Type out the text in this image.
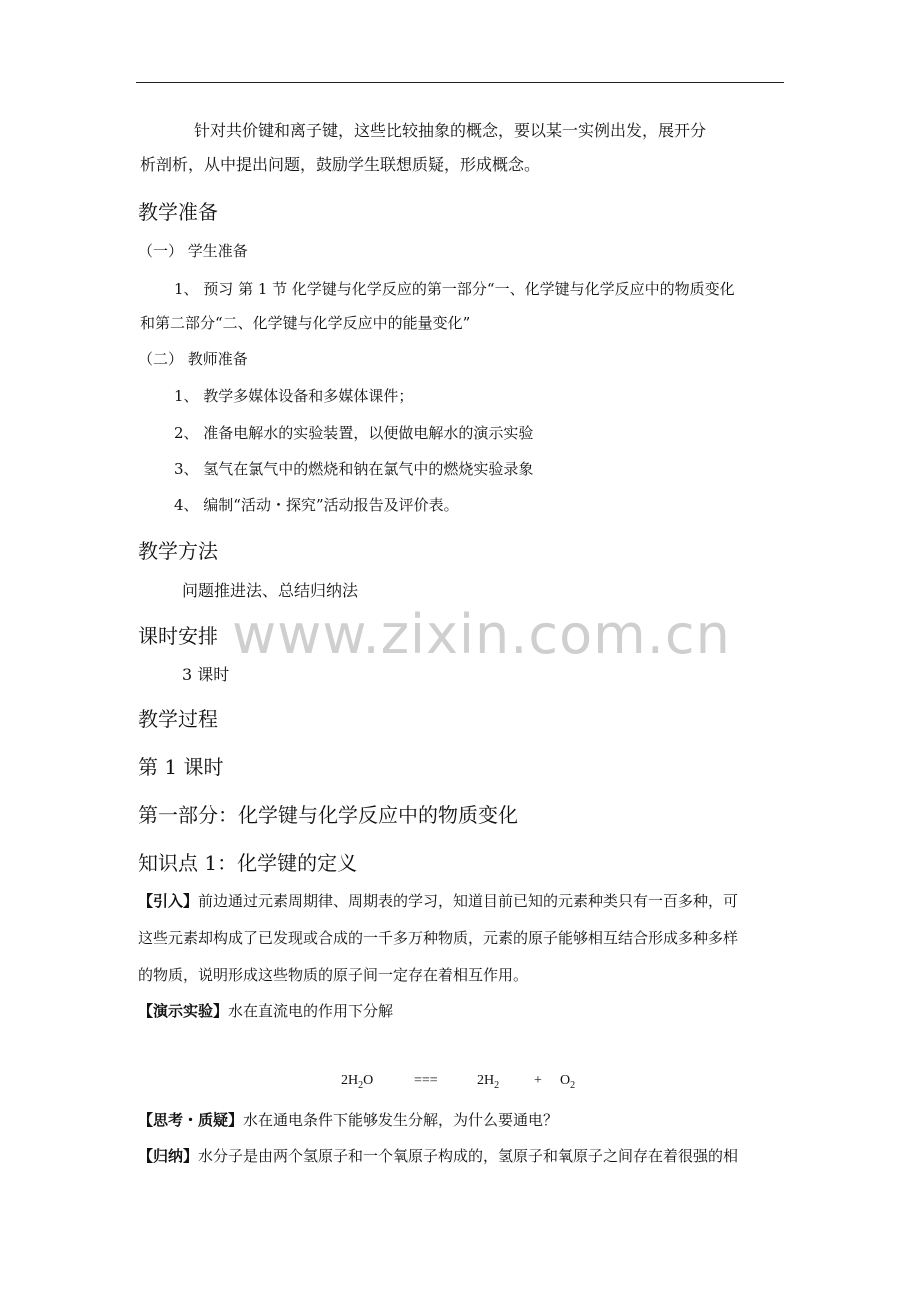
针对共价键和离子键，这些比较抽象的概念，要以某一实例出发，展开分
析剖析，从中提出问题，鼓励学生联想质疑，形成概念。
教学准备
（一） 学生准备
1、 预习 第 1 节 化学键与化学反应的第一部分“一、化学键与化学反应中的物质变化
和第二部分“二、化学键与化学反应中的能量变化”
（二） 教师准备
1、 教学多媒体设备和多媒体课件；
2、 准备电解水的实验装置，以便做电解水的演示实验
3、 氢气在氯气中的燃烧和钠在氯气中的燃烧实验录象
4、 编制“活动・探究”活动报告及评价表。
教学方法
问题推进法、总结归纳法
www.zixin.com.cn
课时安排
3 课时
教学过程
第 1 课时
第一部分：化学键与化学反应中的物质变化
知识点 1：化学键的定义
【引入】前边通过元素周期律、周期表的学习，知道目前已知的元素种类只有一百多种，可
这些元素却构成了已发现或合成的一千多万种物质，元素的原子能够相互结合形成多种多样
的物质，说明形成这些物质的原子间一定存在着相互作用。
【演示实验】水在直流电的作用下分解
$2H_2O$	===	$2H_2 + O_2$
【思考・质疑】水在通电条件下能够发生分解，为什么要通电？
【归纳】水分子是由两个氢原子和一个氧原子构成的，氢原子和氧原子之间存在着很强的相
